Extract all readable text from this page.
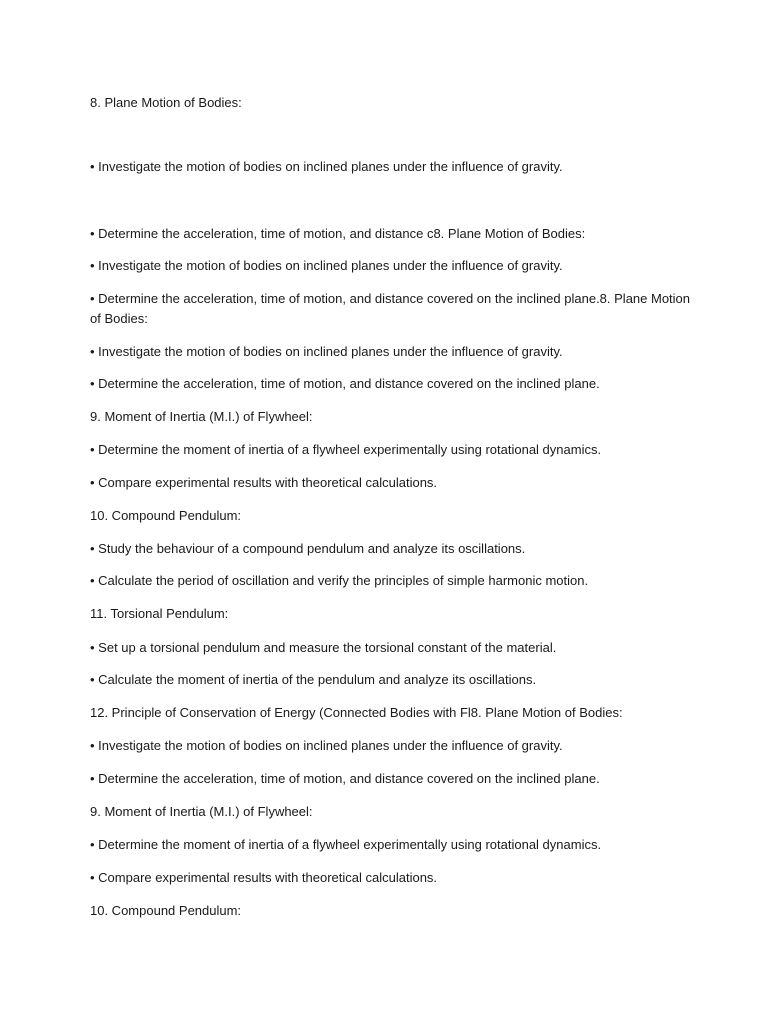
8. Plane Motion of Bodies:
• Investigate the motion of bodies on inclined planes under the influence of gravity.
• Determine the acceleration, time of motion, and distance c8. Plane Motion of Bodies:
• Investigate the motion of bodies on inclined planes under the influence of gravity.
• Determine the acceleration, time of motion, and distance covered on the inclined plane.8. Plane Motion of Bodies:
• Investigate the motion of bodies on inclined planes under the influence of gravity.
• Determine the acceleration, time of motion, and distance covered on the inclined plane.
9. Moment of Inertia (M.I.) of Flywheel:
• Determine the moment of inertia of a flywheel experimentally using rotational dynamics.
• Compare experimental results with theoretical calculations.
10. Compound Pendulum:
• Study the behaviour of a compound pendulum and analyze its oscillations.
• Calculate the period of oscillation and verify the principles of simple harmonic motion.
11. Torsional Pendulum:
• Set up a torsional pendulum and measure the torsional constant of the material.
• Calculate the moment of inertia of the pendulum and analyze its oscillations.
12. Principle of Conservation of Energy (Connected Bodies with Fl8. Plane Motion of Bodies:
• Investigate the motion of bodies on inclined planes under the influence of gravity.
• Determine the acceleration, time of motion, and distance covered on the inclined plane.
9. Moment of Inertia (M.I.) of Flywheel:
• Determine the moment of inertia of a flywheel experimentally using rotational dynamics.
• Compare experimental results with theoretical calculations.
10. Compound Pendulum:
